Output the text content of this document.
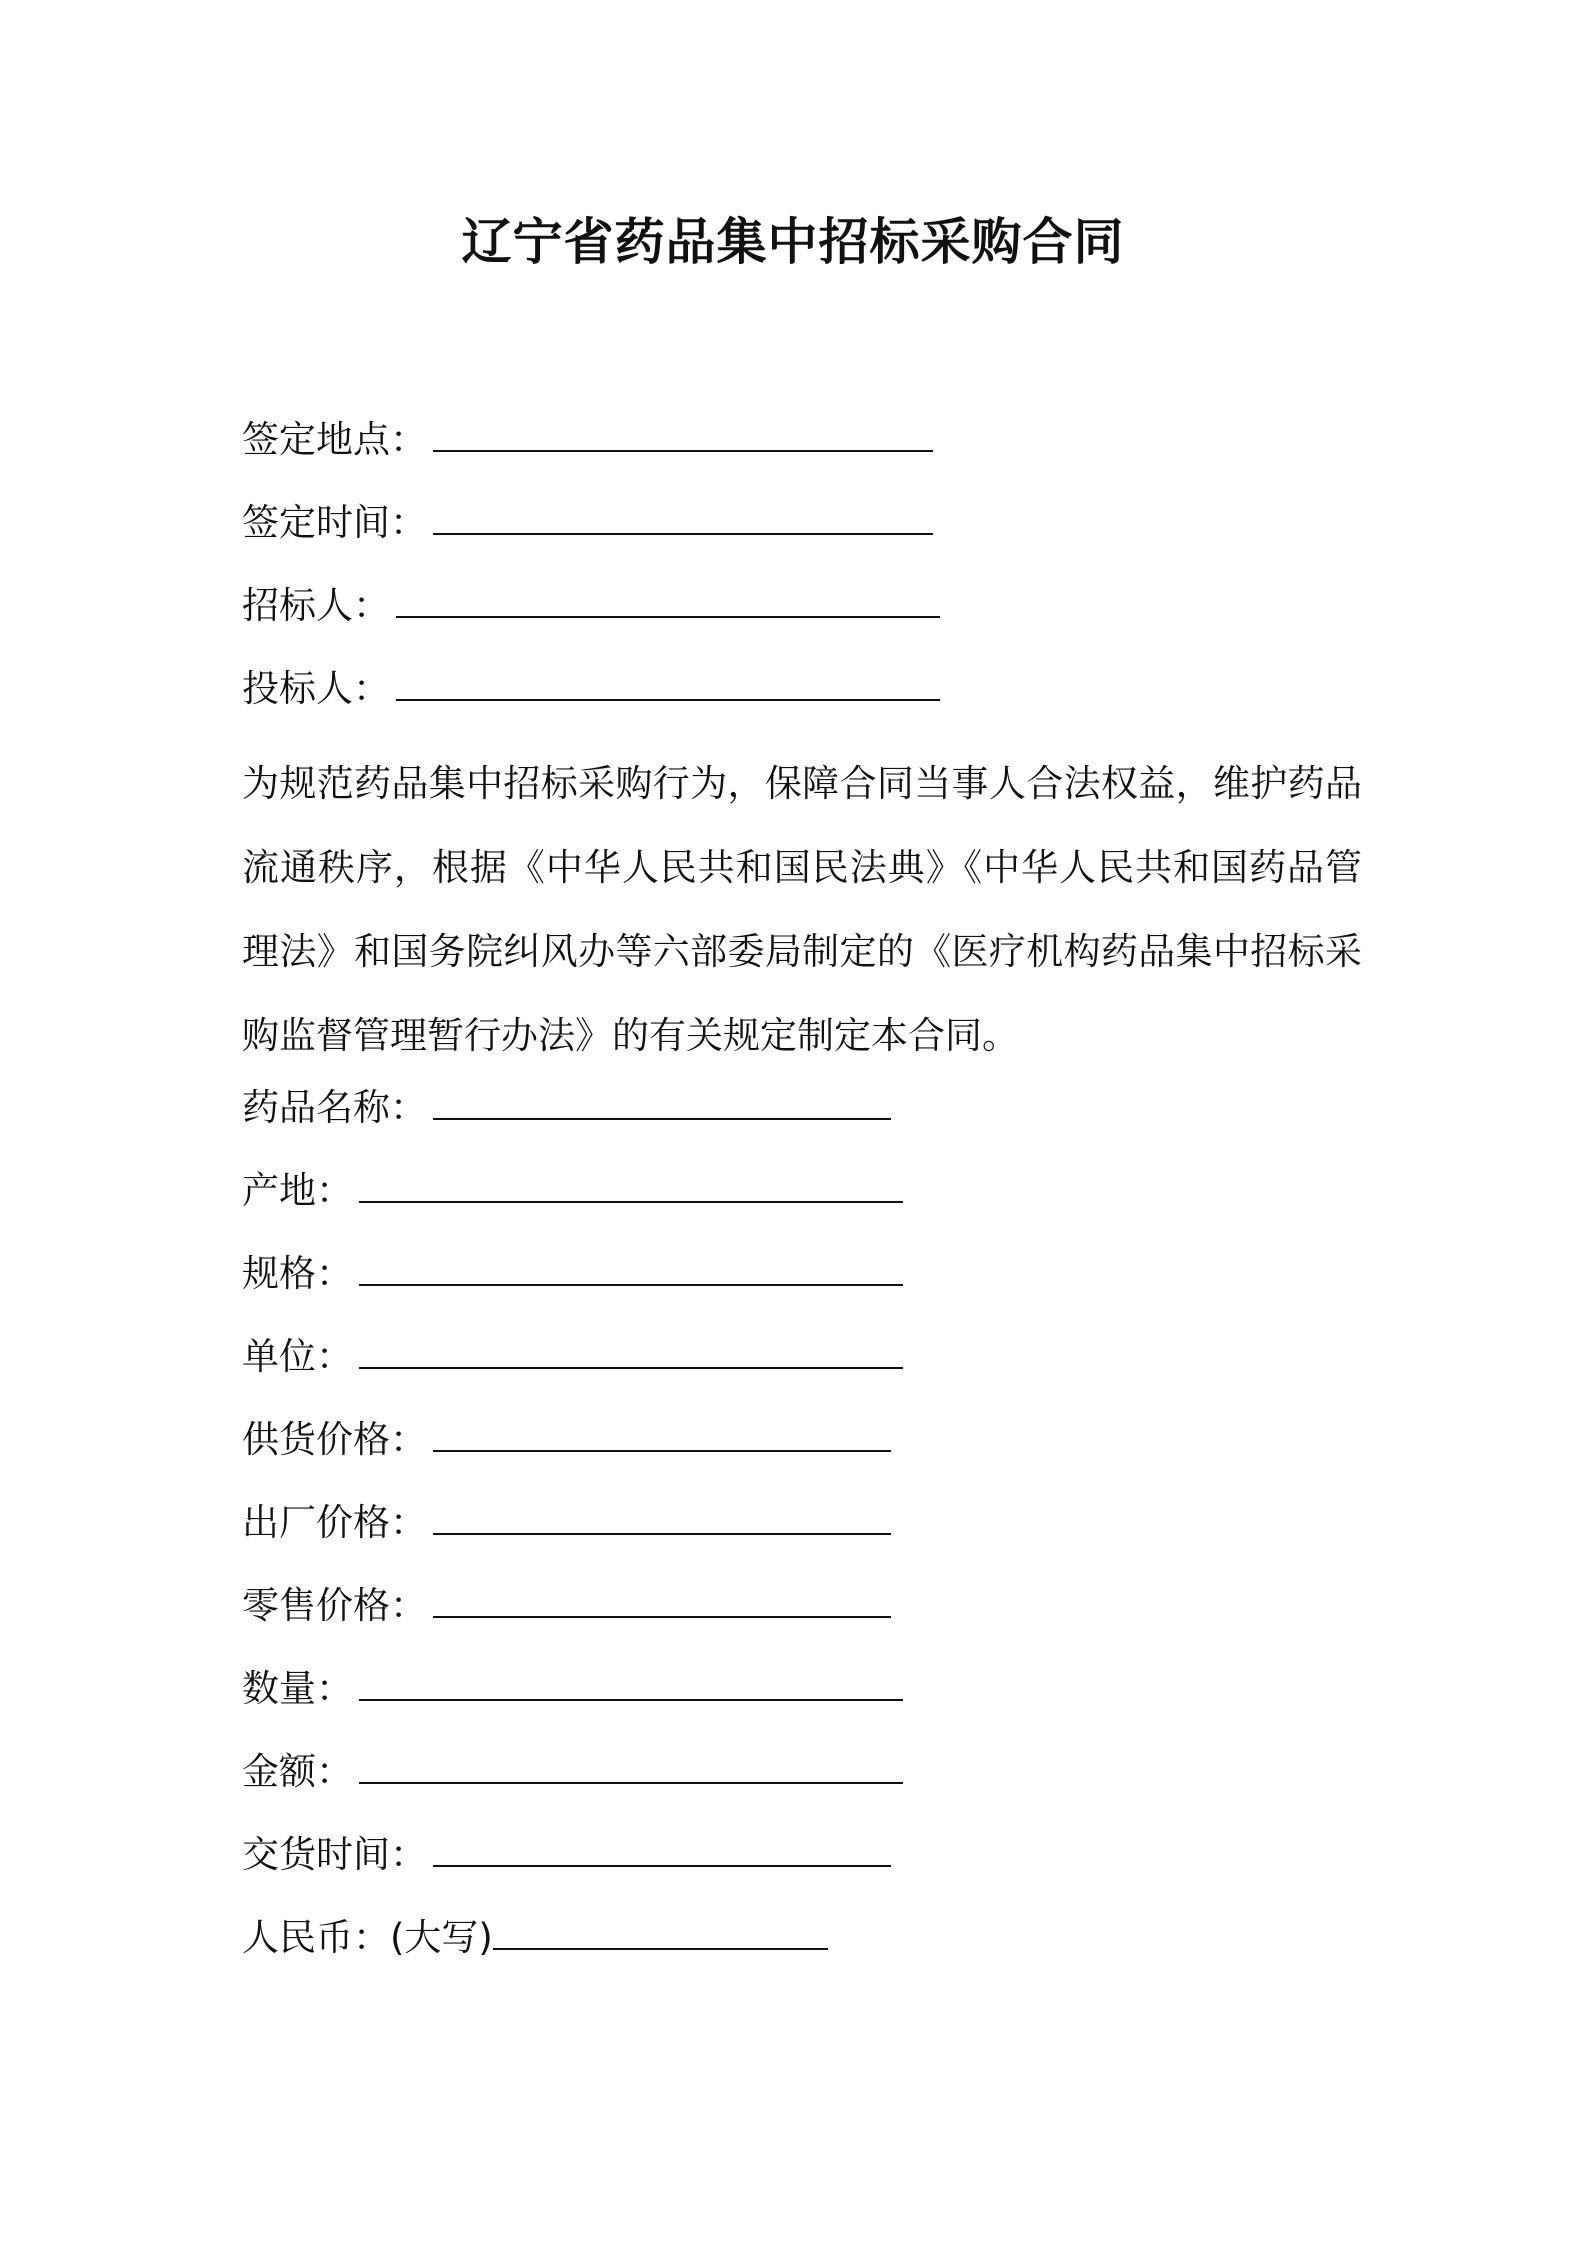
辽宁省药品集中招标采购合同
签定地点：
签定时间：
招标人：
投标人：
为规范药品集中招标采购行为，保障合同当事人合法权益，维护药品流通秩序，根据《中华人民共和国民法典》《中华人民共和国药品管理法》和国务院纠风办等六部委局制定的《医疗机构药品集中招标采购监督管理暂行办法》的有关规定制定本合同。
药品名称：
产地：
规格：
单位：
供货价格：
出厂价格：
零售价格：
数量：
金额：
交货时间：
人民币：(大写)
